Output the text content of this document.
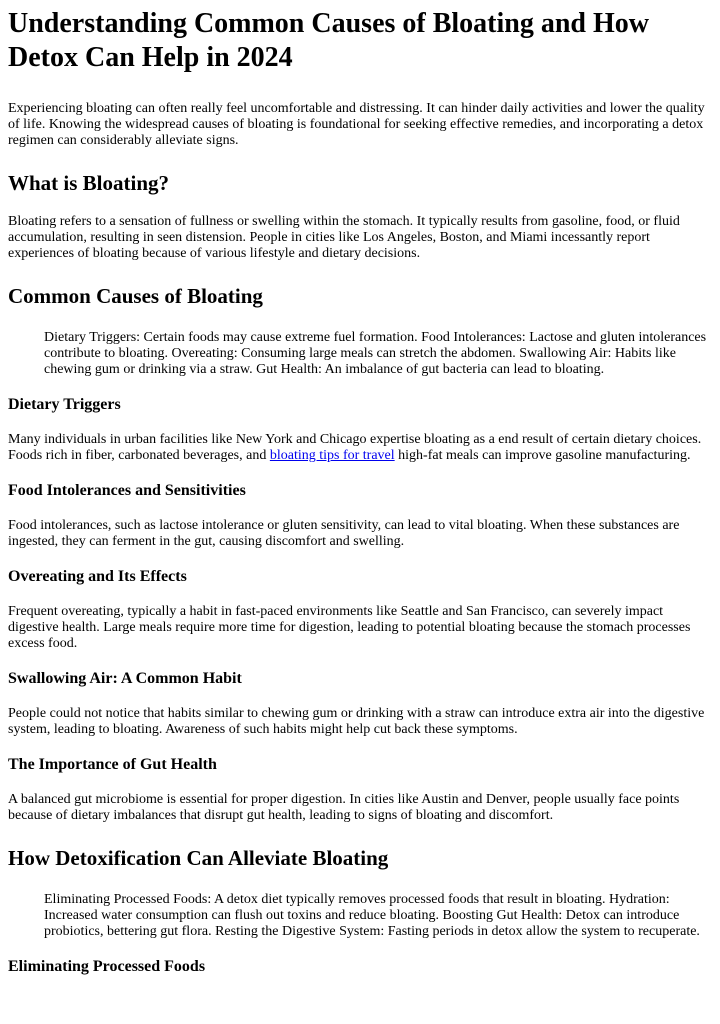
Understanding Common Causes of Bloating and How Detox Can Help in 2024

Experiencing bloating can often really feel uncomfortable and distressing. It can hinder daily activities and lower the quality of life. Knowing the widespread causes of bloating is foundational for seeking effective remedies, and incorporating a detox regimen can considerably alleviate signs.

What is Bloating?

Bloating refers to a sensation of fullness or swelling within the stomach. It typically results from gasoline, food, or fluid accumulation, resulting in seen distension. People in cities like Los Angeles, Boston, and Miami incessantly report experiences of bloating because of various lifestyle and dietary decisions.

Common Causes of Bloating
Dietary Triggers: Certain foods may cause extreme fuel formation. Food Intolerances: Lactose and gluten intolerances contribute to bloating. Overeating: Consuming large meals can stretch the abdomen. Swallowing Air: Habits like chewing gum or drinking via a straw. Gut Health: An imbalance of gut bacteria can lead to bloating.
Dietary Triggers

Many individuals in urban facilities like New York and Chicago expertise bloating as a end result of certain dietary choices. Foods rich in fiber, carbonated beverages, and bloating tips for travel high-fat meals can improve gasoline manufacturing.

Food Intolerances and Sensitivities

Food intolerances, such as lactose intolerance or gluten sensitivity, can lead to vital bloating. When these substances are ingested, they can ferment in the gut, causing discomfort and swelling.

Overeating and Its Effects

Frequent overeating, typically a habit in fast-paced environments like Seattle and San Francisco, can severely impact digestive health. Large meals require more time for digestion, leading to potential bloating because the stomach processes excess food.

Swallowing Air: A Common Habit

People could not notice that habits similar to chewing gum or drinking with a straw can introduce extra air into the digestive system, leading to bloating. Awareness of such habits might help cut back these symptoms.

The Importance of Gut Health

A balanced gut microbiome is essential for proper digestion. In cities like Austin and Denver, people usually face points because of dietary imbalances that disrupt gut health, leading to signs of bloating and discomfort.

How Detoxification Can Alleviate Bloating
Eliminating Processed Foods: A detox diet typically removes processed foods that result in bloating. Hydration: Increased water consumption can flush out toxins and reduce bloating. Boosting Gut Health: Detox can introduce probiotics, bettering gut flora. Resting the Digestive System: Fasting periods in detox allow the system to recuperate.
Eliminating Processed Foods
